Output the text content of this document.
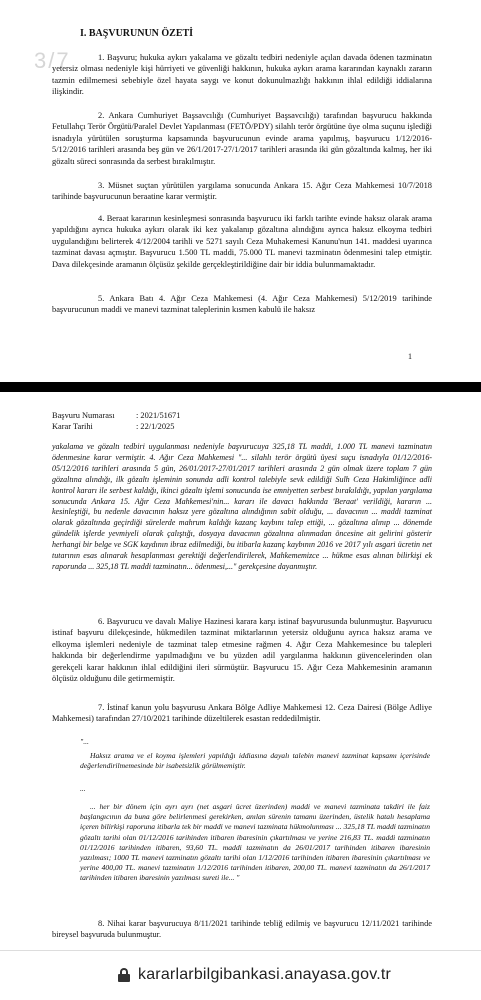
3/7
I. BAŞVURUNUN ÖZETİ
1. Başvuru; hukuka aykırı yakalama ve gözaltı tedbiri nedeniyle açılan davada ödenen tazminatın yetersiz olması nedeniyle kişi hürriyeti ve güvenliği hakkının, hukuka aykırı arama kararından kaynaklı zararın tazmin edilmemesi sebebiyle özel hayata saygı ve konut dokunulmazlığı hakkının ihlal edildiği iddialarına ilişkindir.
2. Ankara Cumhuriyet Başsavcılığı (Cumhuriyet Başsavcılığı) tarafından başvurucu hakkında Fetullahçı Terör Örgütü/Paralel Devlet Yapılanması (FETÖ/PDY) silahlı terör örgütüne üye olma suçunu işlediği isnadıyla yürütülen soruşturma kapsamında başvurucunun evinde arama yapılmış, başvurucu 1/12/2016-5/12/2016 tarihleri arasında beş gün ve 26/1/2017-27/1/2017 tarihleri arasında iki gün gözaltında kalmış, her iki gözaltı süreci sonrasında da serbest bırakılmıştır.
3. Müsnet suçtan yürütülen yargılama sonucunda Ankara 15. Ağır Ceza Mahkemesi 10/7/2018 tarihinde başvurucunun beraatine karar vermiştir.
4. Beraat kararının kesinleşmesi sonrasında başvurucu iki farklı tarihte evinde haksız olarak arama yapıldığını ayrıca hukuka aykırı olarak iki kez yakalanıp gözaltına alındığını ayrıca haksız elkoyma tedbiri uygulandığını belirterek 4/12/2004 tarihli ve 5271 sayılı Ceza Muhakemesi Kanunu'nun 141. maddesi uyarınca tazminat davası açmıştır. Başvurucu 1.500 TL maddi, 75.000 TL manevi tazminatın ödenmesini talep etmiştir. Dava dilekçesinde aramanın ölçüsüz şekilde gerçekleştirildiğine dair bir iddia bulunmamaktadır.
5. Ankara Batı 4. Ağır Ceza Mahkemesi (4. Ağır Ceza Mahkemesi) 5/12/2019 tarihinde başvurucunun maddi ve manevi tazminat taleplerinin kısmen kabulü ile haksız
1
Başvuru Numarası	: 2021/51671
Karar Tarihi	: 22/1/2025
yakalama ve gözaltı tedbiri uygulanması nedeniyle başvurucuya 325,18 TL maddi, 1.000 TL manevi tazminatın ödenmesine karar vermiştir. 4. Ağır Ceza Mahkemesi "... silahlı terör örgütü üyesi suçu isnadıyla 01/12/2016-05/12/2016 tarihleri arasında 5 gün, 26/01/2017-27/01/2017 tarihleri arasında 2 gün olmak üzere toplam 7 gün gözaltına alındığı, ilk gözaltı işleminin sonunda adli kontrol talebiyle sevk edildiği Sulh Ceza Hakimliğince adli kontrol kararı ile serbest kaldığı, ikinci gözaltı işlemi sonucunda ise emniyetten serbest bırakıldığı, yapılan yargılama sonucunda Ankara 15. Ağır Ceza Mahkemesi'nin... kararı ile davacı hakkında 'Beraat' verildiği, kararın ... kesinleştiği, bu nedenle davacının haksız yere gözaltına alındığının sabit olduğu, ... davacının ... maddi tazminat olarak gözaltında geçirdiği sürelerde mahrum kaldığı kazanç kaybını talep ettiği, ... gözaltına alınıp ... dönemde gündelik işlerde yevmiyeli olarak çalıştığı, dosyaya davacının gözaltına alınmadan öncesine ait gelirini gösterir herhangi bir belge ve SGK kaydının ibraz edilmediği, bu itibarla kazanç kaybının 2016 ve 2017 yılı asgari ücretin net tutarının esas alınarak hesaplanması gerektiği değerlendirilerek, Mahkememizce ... hükme esas alınan bilirkişi ek raporunda ... 325,18 TL maddi tazminatın... ödenmesi,..." gerekçesine dayanmıştır.
6. Başvurucu ve davalı Maliye Hazinesi karara karşı istinaf başvurusunda bulunmuştur. Başvurucu istinaf başvuru dilekçesinde, hükmedilen tazminat miktarlarının yetersiz olduğunu ayrıca haksız arama ve elkoyma işlemleri nedeniyle de tazminat talep etmesine rağmen 4. Ağır Ceza Mahkemesince bu talepleri hakkında bir değerlendirme yapılmadığını ve bu yüzden adil yargılanma hakkının güvencelerinden olan gerekçeli karar hakkının ihlal edildiğini ileri sürmüştür. Başvurucu 15. Ağır Ceza Mahkemesinin aramanın ölçüsüz olduğunu dile getirmemiştir.
7. İstinaf kanun yolu başvurusu Ankara Bölge Adliye Mahkemesi 12. Ceza Dairesi (Bölge Adliye Mahkemesi) tarafından 27/10/2021 tarihinde düzeltilerek esastan reddedilmiştir.
"...
Haksız arama ve el koyma işlemleri yapıldığı iddiasına dayalı talebin manevi tazminat kapsamı içerisinde değerlendirilmemesinde bir isabetsizlik görülmemiştir.
...
... her bir dönem için ayrı ayrı (net asgari ücret üzerinden) maddi ve manevi tazminata takdiri ile faiz başlangıcının da buna göre belirlenmesi gerekirken, anılan sürenin tamamı üzerinden, üstelik hatalı hesaplama içeren bilirkişi raporuna itibarla tek bir maddi ve manevi tazminata hükmolunması ... 325,18 TL maddi tazminatın gözaltı tarihi olan 01/12/2016 tarihinden itibaren ibaresinin çıkartılması ve yerine 216,83 TL. maddi tazminatın 01/12/2016 tarihinden itibaren, 93,60 TL. maddi tazminatın da 26/01/2017 tarihinden itibaren ibaresinin yazılması; 1000 TL manevi tazminatın gözaltı tarihi olan 1/12/2016 tarihinden itibaren ibaresinin çıkartılması ve yerine 400,00 TL. manevi tazminatın 1/12/2016 tarihinden itibaren, 200,00 TL. manevi tazminatın da 26/1/2017 tarihinden itibaren ibaresinin yazılması sureti ile... "
8. Nihai karar başvurucuya 8/11/2021 tarihinde tebliğ edilmiş ve başvurucu 12/11/2021 tarihinde bireysel başvuruda bulunmuştur.
kararlarbilgibankasi.anayasa.gov.tr
